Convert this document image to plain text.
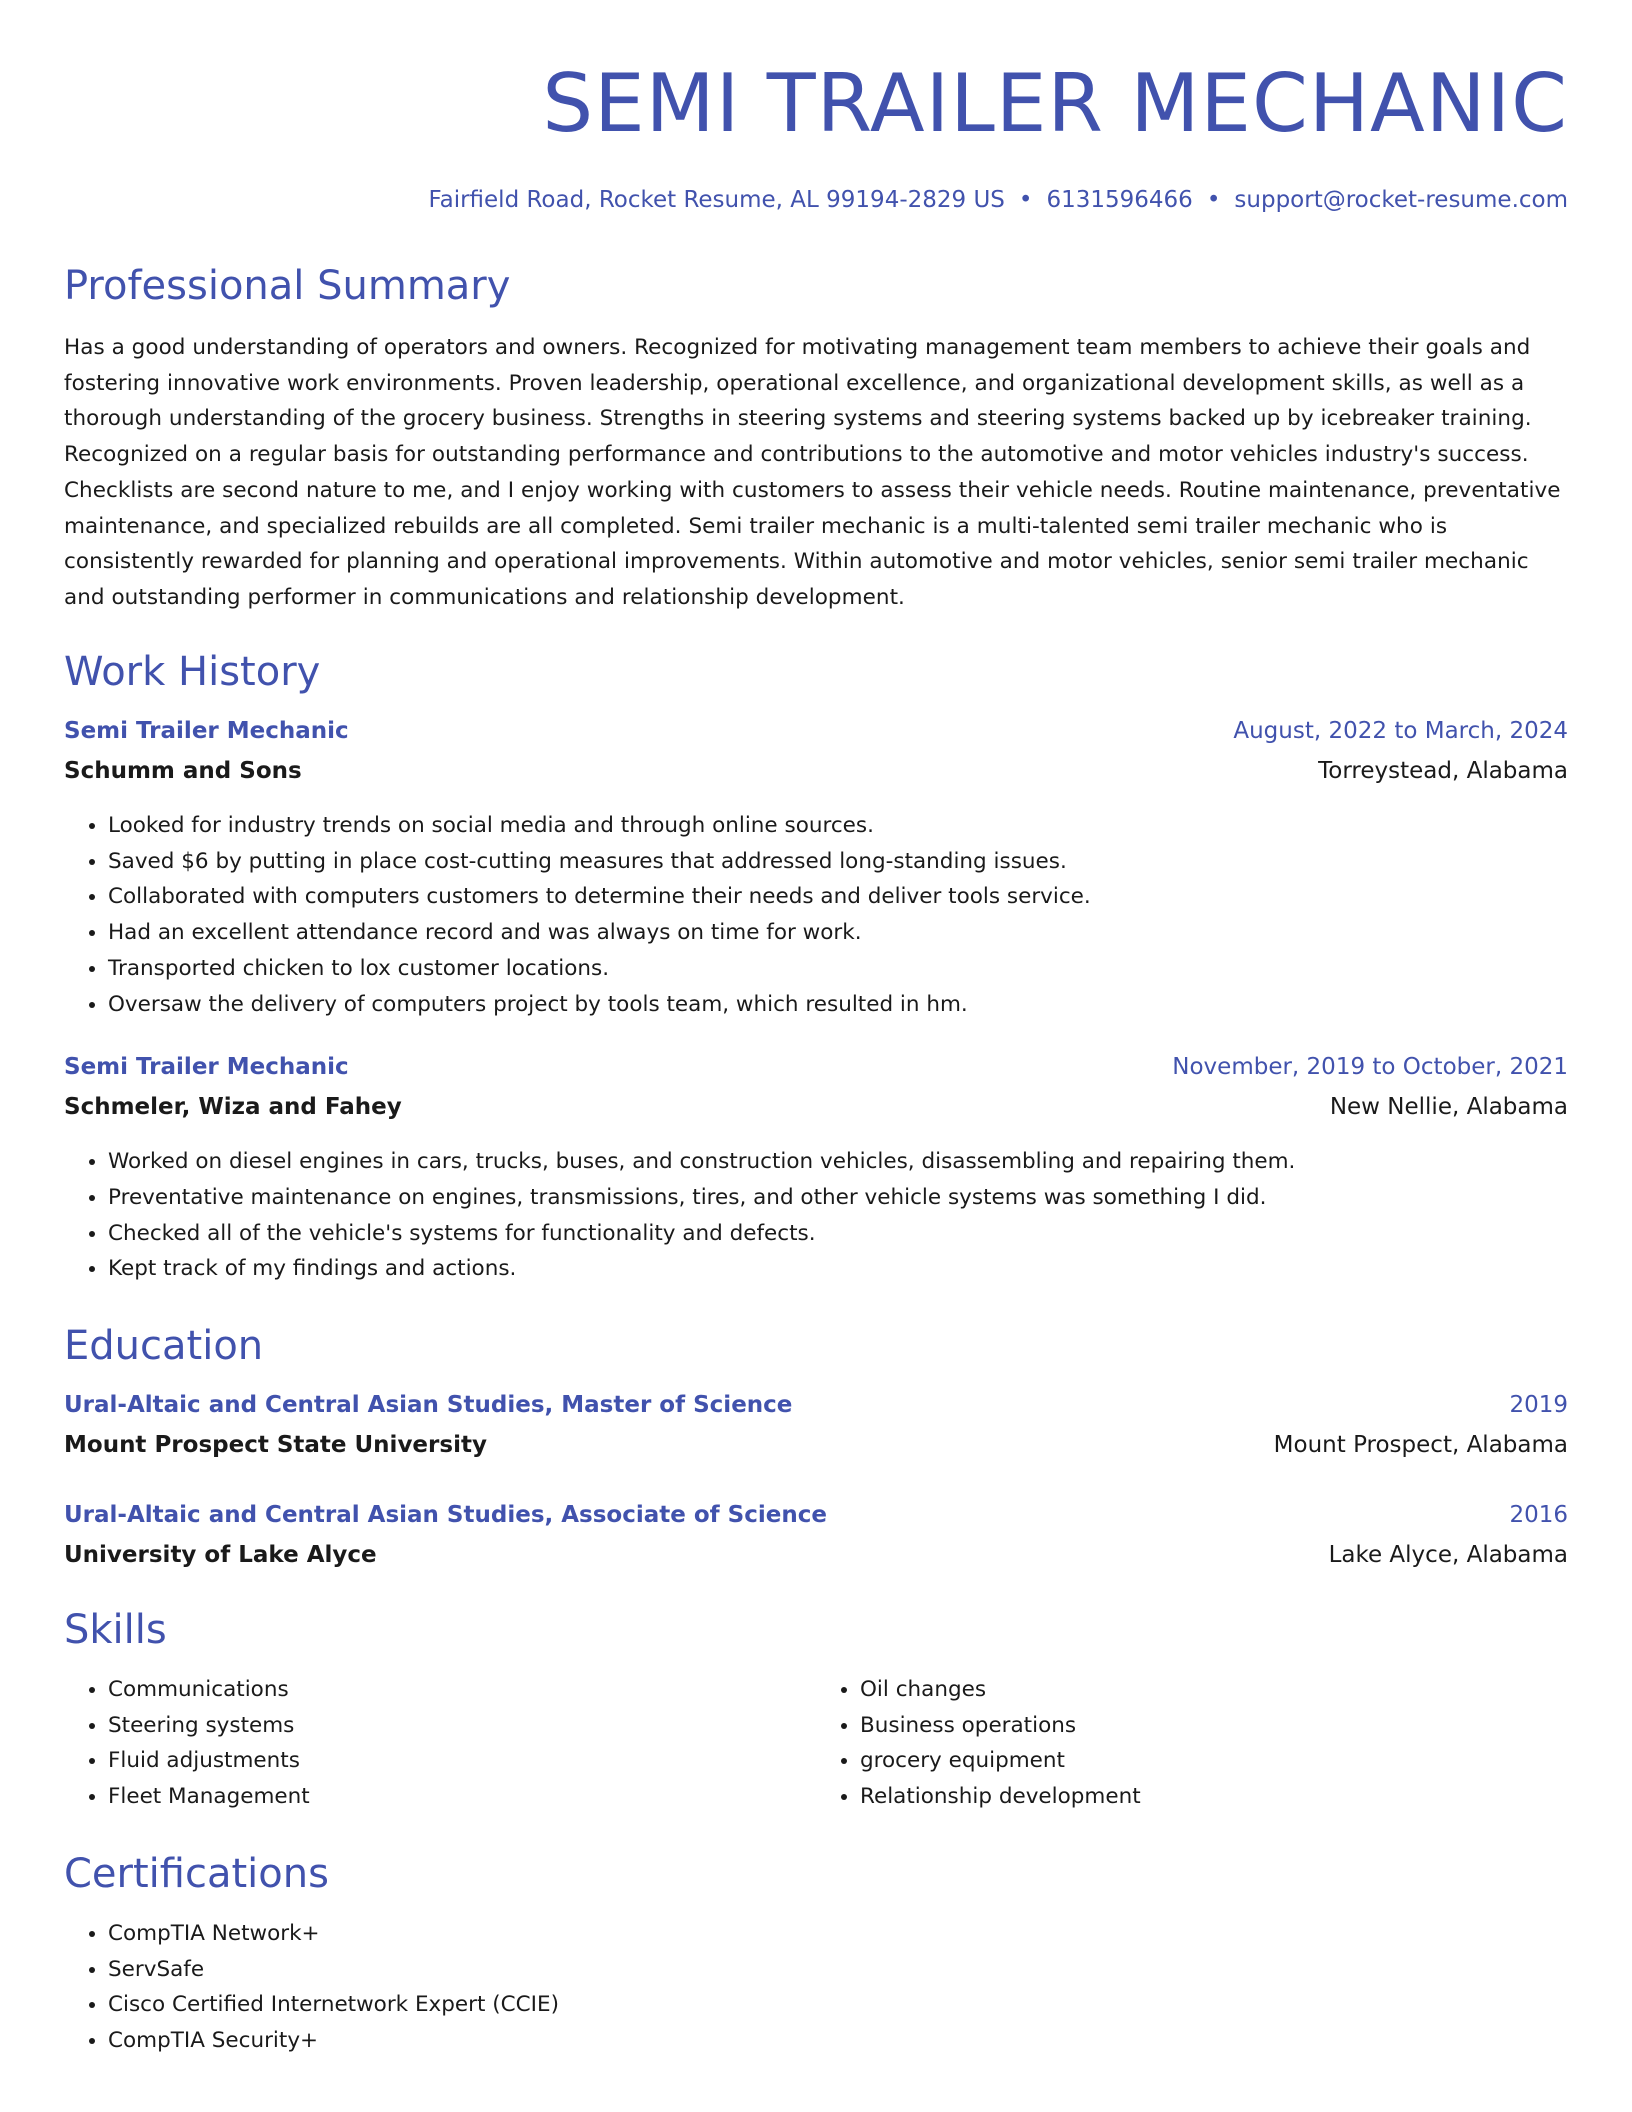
SEMI TRAILER MECHANIC
Fairfield Road, Rocket Resume, AL 99194-2829 US • 6131596466 • support@rocket-resume.com
Professional Summary

Has a good understanding of operators and owners. Recognized for motivating management team members to achieve their goals and fostering innovative work environments. Proven leadership, operational excellence, and organizational development skills, as well as a thorough understanding of the grocery business. Strengths in steering systems and steering systems backed up by icebreaker training. Recognized on a regular basis for outstanding performance and contributions to the automotive and motor vehicles industry's success. Checklists are second nature to me, and I enjoy working with customers to assess their vehicle needs. Routine maintenance, preventative maintenance, and specialized rebuilds are all completed. Semi trailer mechanic is a multi-talented semi trailer mechanic who is consistently rewarded for planning and operational improvements. Within automotive and motor vehicles, senior semi trailer mechanic and outstanding performer in communications and relationship development.

Work History
Semi Trailer Mechanic	August, 2022 to March, 2024
Schumm and Sons	Torreystead, Alabama
• Looked for industry trends on social media and through online sources.
• Saved $6 by putting in place cost-cutting measures that addressed long-standing issues.
• Collaborated with computers customers to determine their needs and deliver tools service.
• Had an excellent attendance record and was always on time for work.
• Transported chicken to lox customer locations.
• Oversaw the delivery of computers project by tools team, which resulted in hm.
Semi Trailer Mechanic	November, 2019 to October, 2021
Schmeler, Wiza and Fahey	New Nellie, Alabama
• Worked on diesel engines in cars, trucks, buses, and construction vehicles, disassembling and repairing them.
• Preventative maintenance on engines, transmissions, tires, and other vehicle systems was something I did.
• Checked all of the vehicle's systems for functionality and defects.
• Kept track of my findings and actions.
Education
Ural-Altaic and Central Asian Studies, Master of Science	2019
Mount Prospect State University	Mount Prospect, Alabama
Ural-Altaic and Central Asian Studies, Associate of Science	2016
University of Lake Alyce	Lake Alyce, Alabama
Skills
• Communications
• Steering systems
• Fluid adjustments
• Fleet Management
• Oil changes
• Business operations
• grocery equipment
• Relationship development
Certifications
• CompTIA Network+
• ServSafe
• Cisco Certified Internetwork Expert (CCIE)
• CompTIA Security+
